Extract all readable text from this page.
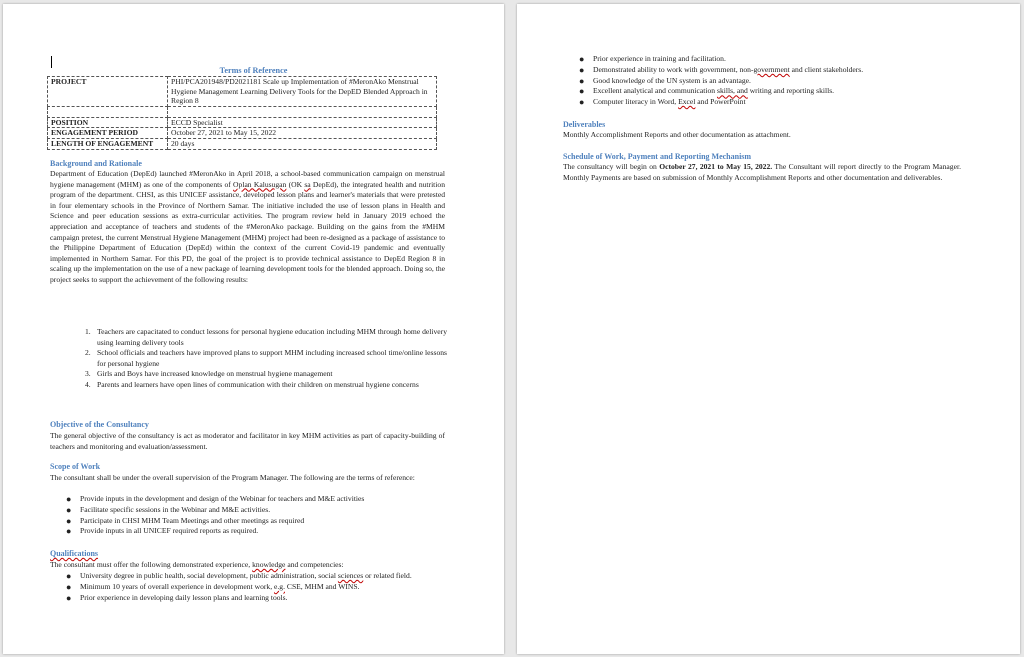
Terms of Reference
PROJECT	PHI/PCA201948/PD2021181 Scale up Implementation of #MeronAko Menstrual Hygiene Management Learning Delivery Tools for the DepED Blended Approach in Region 8

POSITION	ECCD Specialist
ENGAGEMENT PERIOD	October 27, 2021 to May 15, 2022
LENGTH OF ENGAGEMENT	20 days
Background and Rationale
Department of Education (DepEd) launched #MeronAko in April 2018, a school-based communication campaign on menstrual hygiene management (MHM) as one of the components of Oplan Kalusugan (OK sa DepEd), the integrated health and nutrition program of the department. CHSI, as this UNICEF assistance, developed lesson plans and learner's materials that were pretested in four elementary schools in the Province of Northern Samar. The initiative included the use of lesson plans in Health and Science and peer education sessions as extra-curricular activities. The program review held in January 2019 echoed the appreciation and acceptance of teachers and students of the #MeronAko package. Building on the gains from the #MHM campaign pretest, the current Menstrual Hygiene Management (MHM) project had been re-designed as a package of assistance to the Philippine Department of Education (DepEd) within the context of the current Covid-19 pandemic and eventually implemented in Northern Samar. For this PD, the goal of the project is to provide technical assistance to DepEd Region 8 in scaling up the implementation on the use of a new package of learning development tools for the blended approach. Doing so, the project seeks to support the achievement of the following results:
1. Teachers are capacitated to conduct lessons for personal hygiene education including MHM through home delivery using learning delivery tools
2. School officials and teachers have improved plans to support MHM including increased school time/online lessons for personal hygiene
3. Girls and Boys have increased knowledge on menstrual hygiene management
4. Parents and learners have open lines of communication with their children on menstrual hygiene concerns
Objective of the Consultancy
The general objective of the consultancy is act as moderator and facilitator in key MHM activities as part of capacity-building of teachers and monitoring and evaluation/assessment.
Scope of Work
The consultant shall be under the overall supervision of the Program Manager. The following are the terms of reference:
● Provide inputs in the development and design of the Webinar for teachers and M&E activities
● Facilitate specific sessions in the Webinar and M&E activities.
● Participate in CHSI MHM Team Meetings and other meetings as required
● Provide inputs in all UNICEF required reports as required.
Qualifications
The consultant must offer the following demonstrated experience, knowledge and competencies:
● University degree in public health, social development, public administration, social sciences or related field.
● Minimum 10 years of overall experience in development work, e.g. CSE, MHM and WINS.
● Prior experience in developing daily lesson plans and learning tools.
● Prior experience in training and facilitation.
● Demonstrated ability to work with government, non-government and client stakeholders.
● Good knowledge of the UN system is an advantage.
● Excellent analytical and communication skills, and writing and reporting skills.
● Computer literacy in Word, Excel and PowerPoint
Deliverables
Monthly Accomplishment Reports and other documentation as attachment.
Schedule of Work, Payment and Reporting Mechanism
The consultancy will begin on October 27, 2021 to May 15, 2022. The Consultant will report directly to the Program Manager. Monthly Payments are based on submission of Monthly Accomplishment Reports and other documentation and deliverables.
